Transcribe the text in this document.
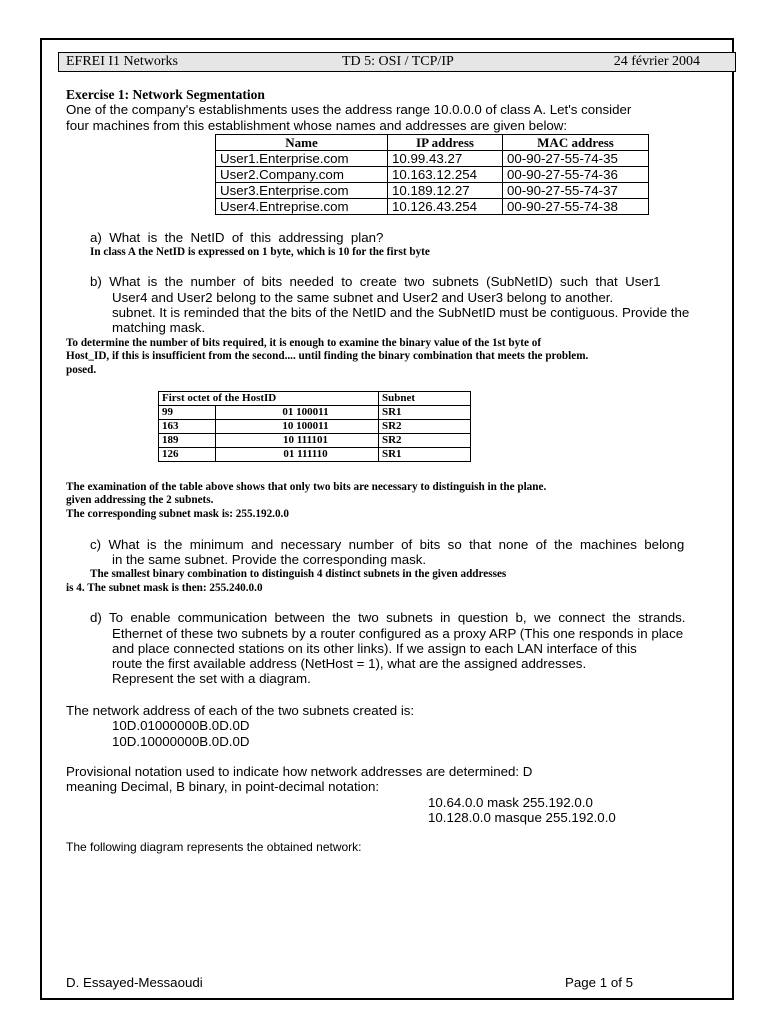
EFREI I1 Networks	TD 5: OSI / TCP/IP	24 février 2004
Exercise 1: Network Segmentation
One of the company's establishments uses the address range 10.0.0.0 of class A. Let's consider
four machines from this establishment whose names and addresses are given below:
Name	IP address	MAC address
User1.Enterprise.com	10.99.43.27	00-90-27-55-74-35
User2.Company.com	10.163.12.254	00-90-27-55-74-36
User3.Enterprise.com	10.189.12.27	00-90-27-55-74-37
User4.Entreprise.com	10.126.43.254	00-90-27-55-74-38
a)  What  is  the  NetID  of  this  addressing  plan?
In class A the NetID is expressed on 1 byte, which is 10 for the first byte
b)  What  is  the  number  of  bits  needed  to  create  two  subnets  (SubNetID)  such  that  User1
User4 and User2 belong to the same subnet and User2 and User3 belong to another.
subnet. It is reminded that the bits of the NetID and the SubNetID must be contiguous. Provide the
matching mask.
To determine the number of bits required, it is enough to examine the binary value of the 1st byte of
Host_ID, if this is insufficient from the second.... until finding the binary combination that meets the problem.
posed.
First octet of the HostID		Subnet
99	01 100011	SR1
163	10 100011	SR2
189	10 111101	SR2
126	01 111110	SR1
The examination of the table above shows that only two bits are necessary to distinguish in the plane.
given addressing the 2 subnets.
The corresponding subnet mask is: 255.192.0.0
c)  What  is  the  minimum  and  necessary  number  of  bits  so  that  none  of  the  machines  belong
in the same subnet. Provide the corresponding mask.
The smallest binary combination to distinguish 4 distinct subnets in the given addresses
is 4. The subnet mask is then: 255.240.0.0
d)  To  enable  communication  between  the  two  subnets  in  question  b,  we  connect  the  strands.
Ethernet of these two subnets by a router configured as a proxy ARP (This one responds in place
and place connected stations on its other links). If we assign to each LAN interface of this
route the first available address (NetHost = 1), what are the assigned addresses.
Represent the set with a diagram.
The network address of each of the two subnets created is:
10D.01000000B.0D.0D
10D.10000000B.0D.0D
Provisional notation used to indicate how network addresses are determined: D
meaning Decimal, B binary, in point-decimal notation:
10.64.0.0 mask 255.192.0.0
10.128.0.0 masque 255.192.0.0
The following diagram represents the obtained network:
D. Essayed-Messaoudi	Page 1 of 5
